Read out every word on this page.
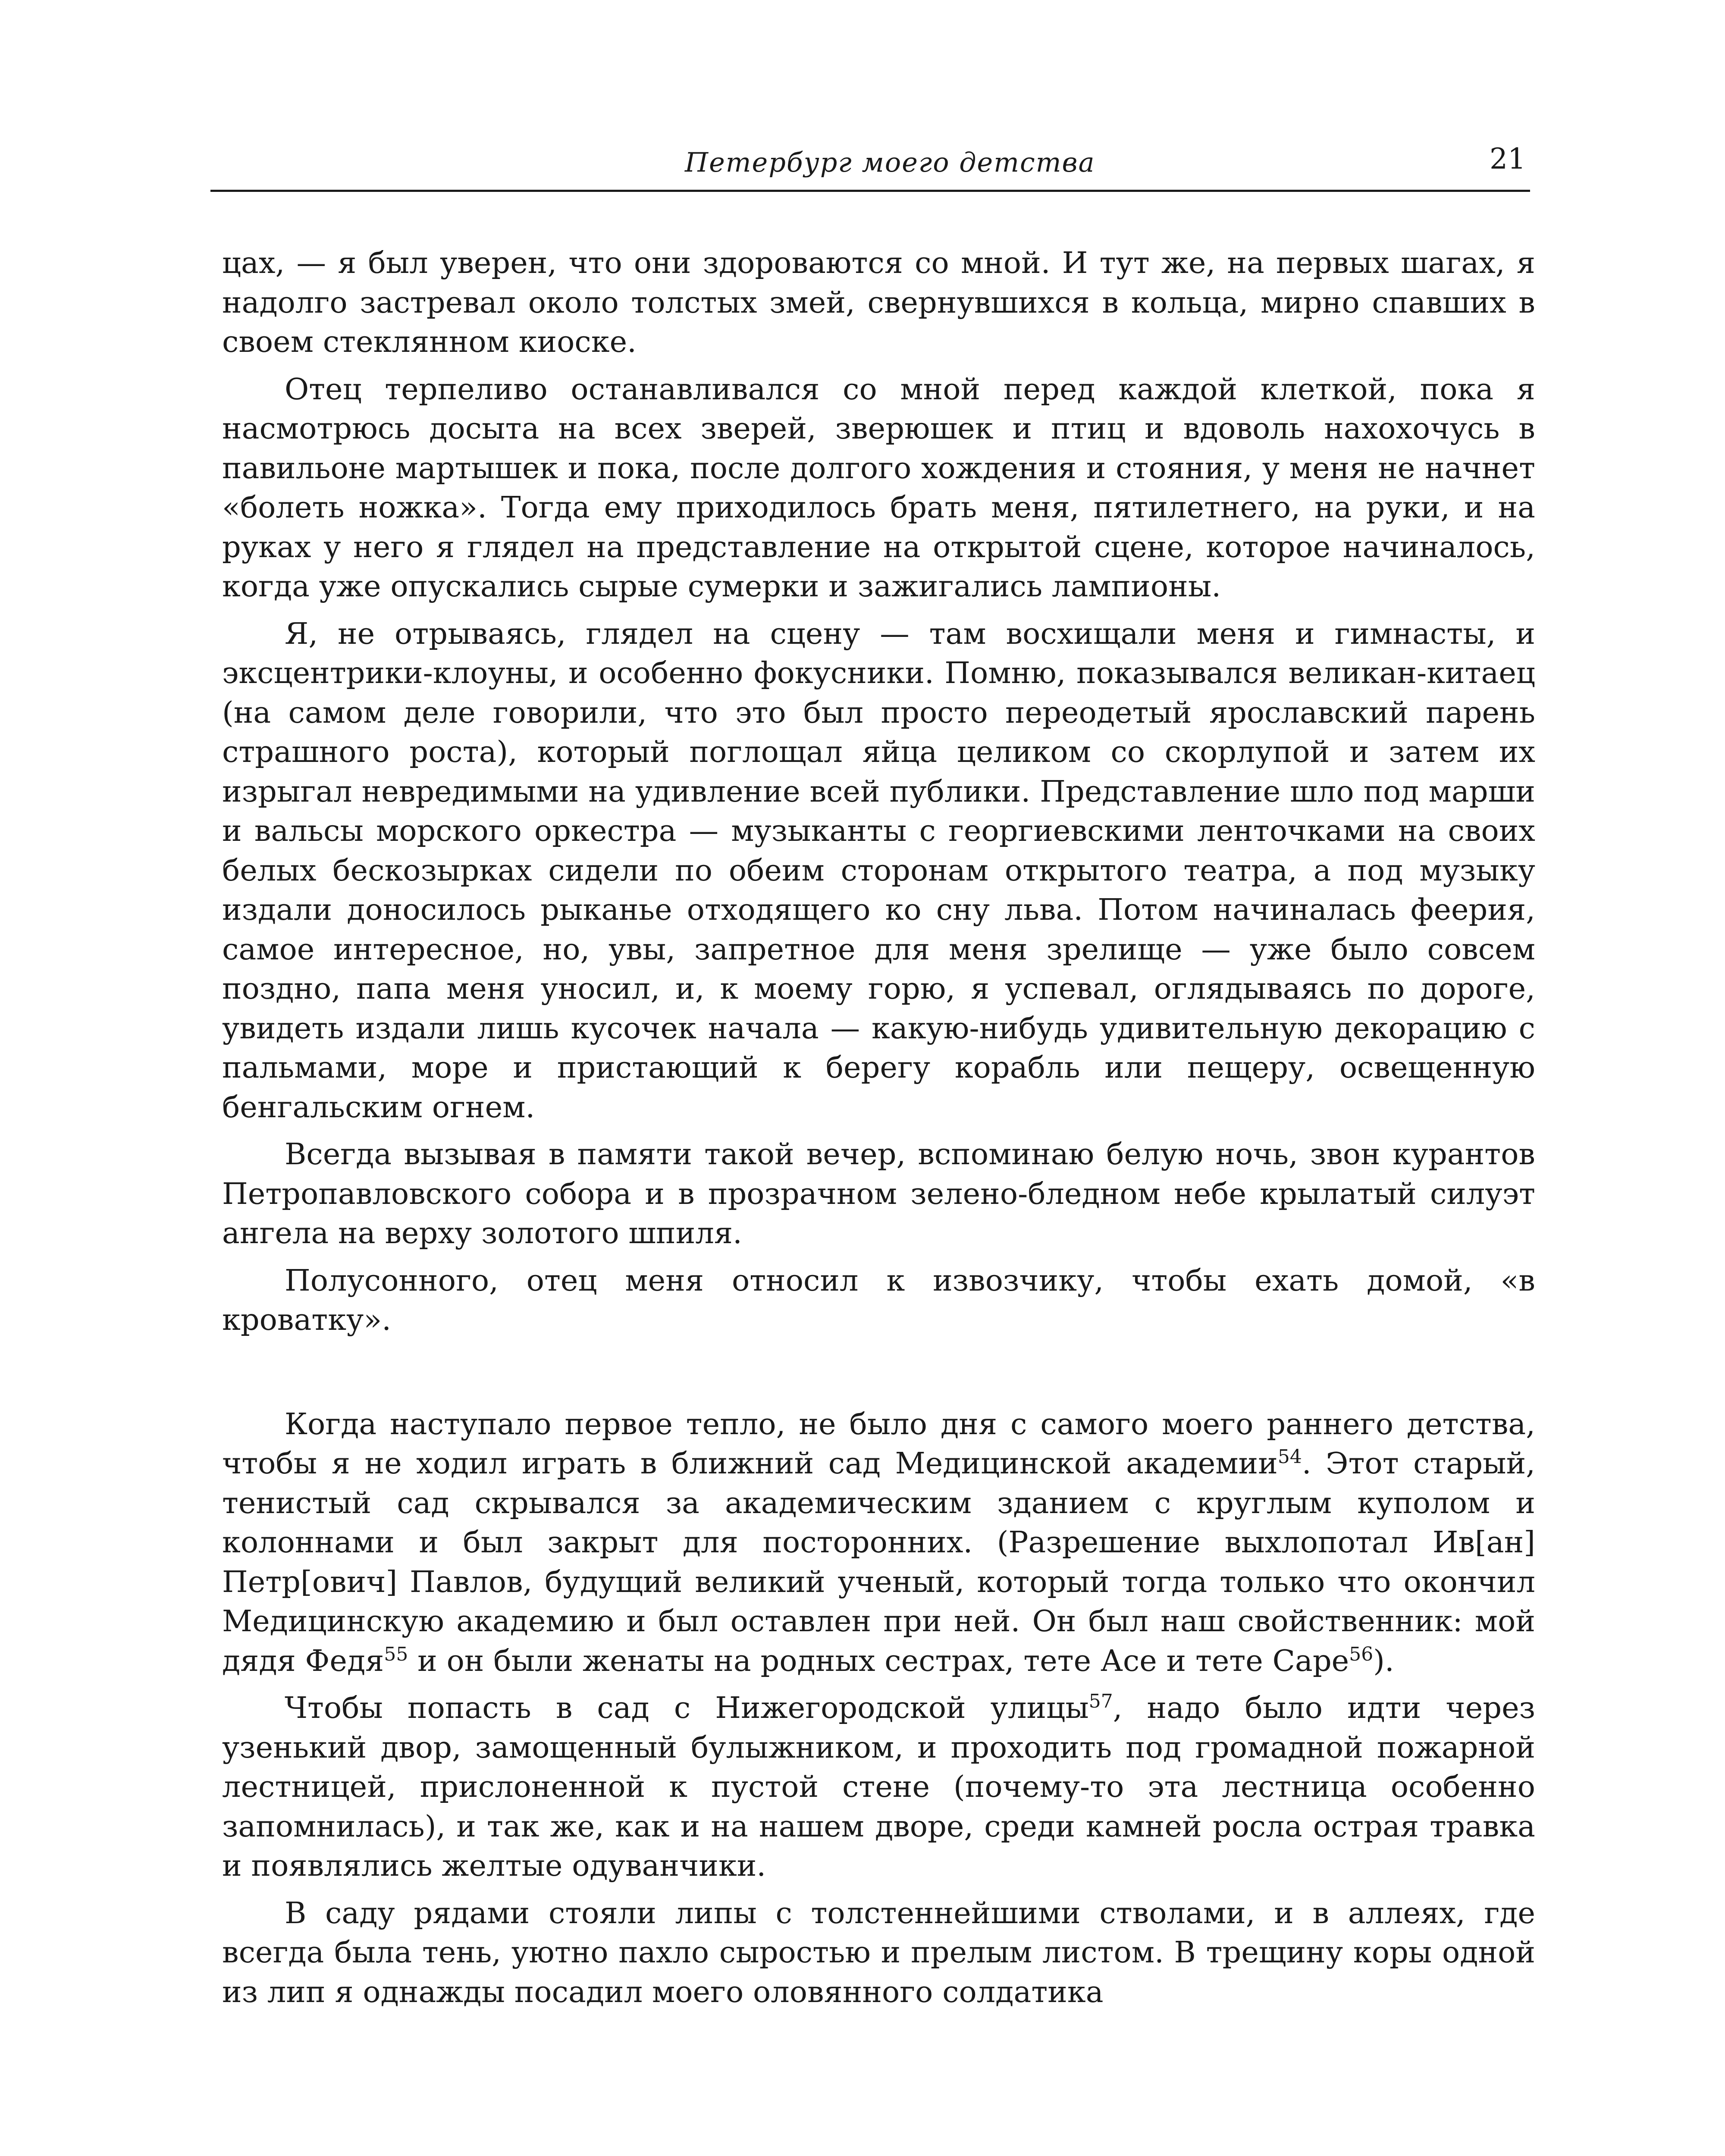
Петербург моего детства	21

цах, — я был уверен, что они здороваются со мной. И тут же, на первых шагах, я надолго застревал около толстых змей, свернувшихся в кольца, мирно спавших в своем стеклянном киоске.

Отец терпеливо останавливался со мной перед каждой клеткой, пока я насмотрюсь досыта на всех зверей, зверюшек и птиц и вдоволь нахохочусь в павильоне мартышек и пока, после долгого хождения и стояния, у меня не начнет «болеть ножка». Тогда ему приходилось брать меня, пятилетнего, на руки, и на руках у него я глядел на представление на открытой сцене, которое начиналось, когда уже опускались сырые сумерки и зажигались лампионы.

Я, не отрываясь, глядел на сцену — там восхищали меня и гимнасты, и эксцентрики-клоуны, и особенно фокусники. Помню, показывался великан-китаец (на самом деле говорили, что это был просто переодетый ярославский парень страшного роста), который поглощал яйца целиком со скорлупой и затем их изрыгал невредимыми на удивление всей публики. Представление шло под марши и вальсы морского оркестра — музыканты с георгиевскими ленточками на своих белых бескозырках сидели по обеим сторонам открытого театра, а под музыку издали доносилось рыканье отходящего ко сну льва. Потом начиналась феерия, самое интересное, но, увы, запретное для меня зрелище — уже было совсем поздно, папа меня уносил, и, к моему горю, я успевал, оглядываясь по дороге, увидеть издали лишь кусочек начала — какую-нибудь удивительную декорацию с пальмами, море и пристающий к берегу корабль или пещеру, освещенную бенгальским огнем.

Всегда вызывая в памяти такой вечер, вспоминаю белую ночь, звон курантов Петропавловского собора и в прозрачном зелено-бледном небе крылатый силуэт ангела на верху золотого шпиля.

Полусонного, отец меня относил к извозчику, чтобы ехать домой, «в кроватку».

Когда наступало первое тепло, не было дня с самого моего раннего детства, чтобы я не ходил играть в ближний сад Медицинской академии$^{54}$. Этот старый, тенистый сад скрывался за академическим зданием с круглым куполом и колоннами и был закрыт для посторонних. (Разрешение выхлопотал Ив[ан] Петр[ович] Павлов, будущий великий ученый, который тогда только что окончил Медицинскую академию и был оставлен при ней. Он был наш свойственник: мой дядя Федя$^{55}$ и он были женаты на родных сестрах, тете Асе и тете Саре$^{56}$).

Чтобы попасть в сад с Нижегородской улицы$^{57}$, надо было идти через узенький двор, замощенный булыжником, и проходить под громадной пожарной лестницей, прислоненной к пустой стене (почему-то эта лестница особенно запомнилась), и так же, как и на нашем дворе, среди камней росла острая травка и появлялись желтые одуванчики.

В саду рядами стояли липы с толстеннейшими стволами, и в аллеях, где всегда была тень, уютно пахло сыростью и прелым листом. В трещину коры одной из лип я однажды посадил моего оловянного солдатика
